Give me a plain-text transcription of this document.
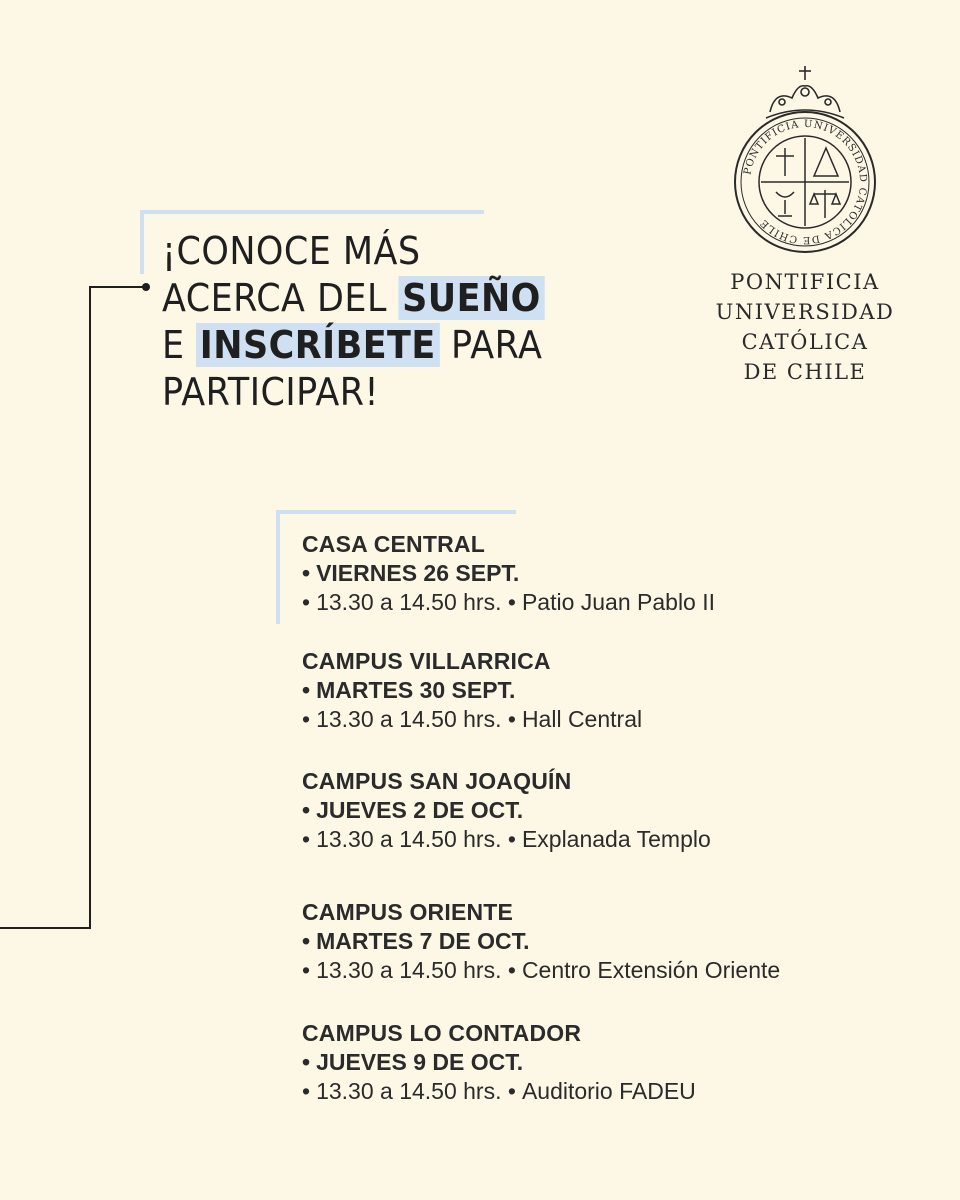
¡CONOCE MÁS
ACERCA DEL SUEÑO
E INSCRÍBETE PARA
PARTICIPAR!
PONTIFICIA UNIVERSIDAD CATÓLICA DE CHILE
PONTIFICIA
UNIVERSIDAD
CATÓLICA
DE CHILE
CASA CENTRAL
• VIERNES 26 SEPT.
• 13.30 a 14.50 hrs. • Patio Juan Pablo II
CAMPUS VILLARRICA
• MARTES 30 SEPT.
• 13.30 a 14.50 hrs. • Hall Central
CAMPUS SAN JOAQUÍN
• JUEVES 2 DE OCT.
• 13.30 a 14.50 hrs. • Explanada Templo
CAMPUS ORIENTE
• MARTES 7 DE OCT.
• 13.30 a 14.50 hrs. • Centro Extensión Oriente
CAMPUS LO CONTADOR
• JUEVES 9 DE OCT.
• 13.30 a 14.50 hrs. • Auditorio FADEU
